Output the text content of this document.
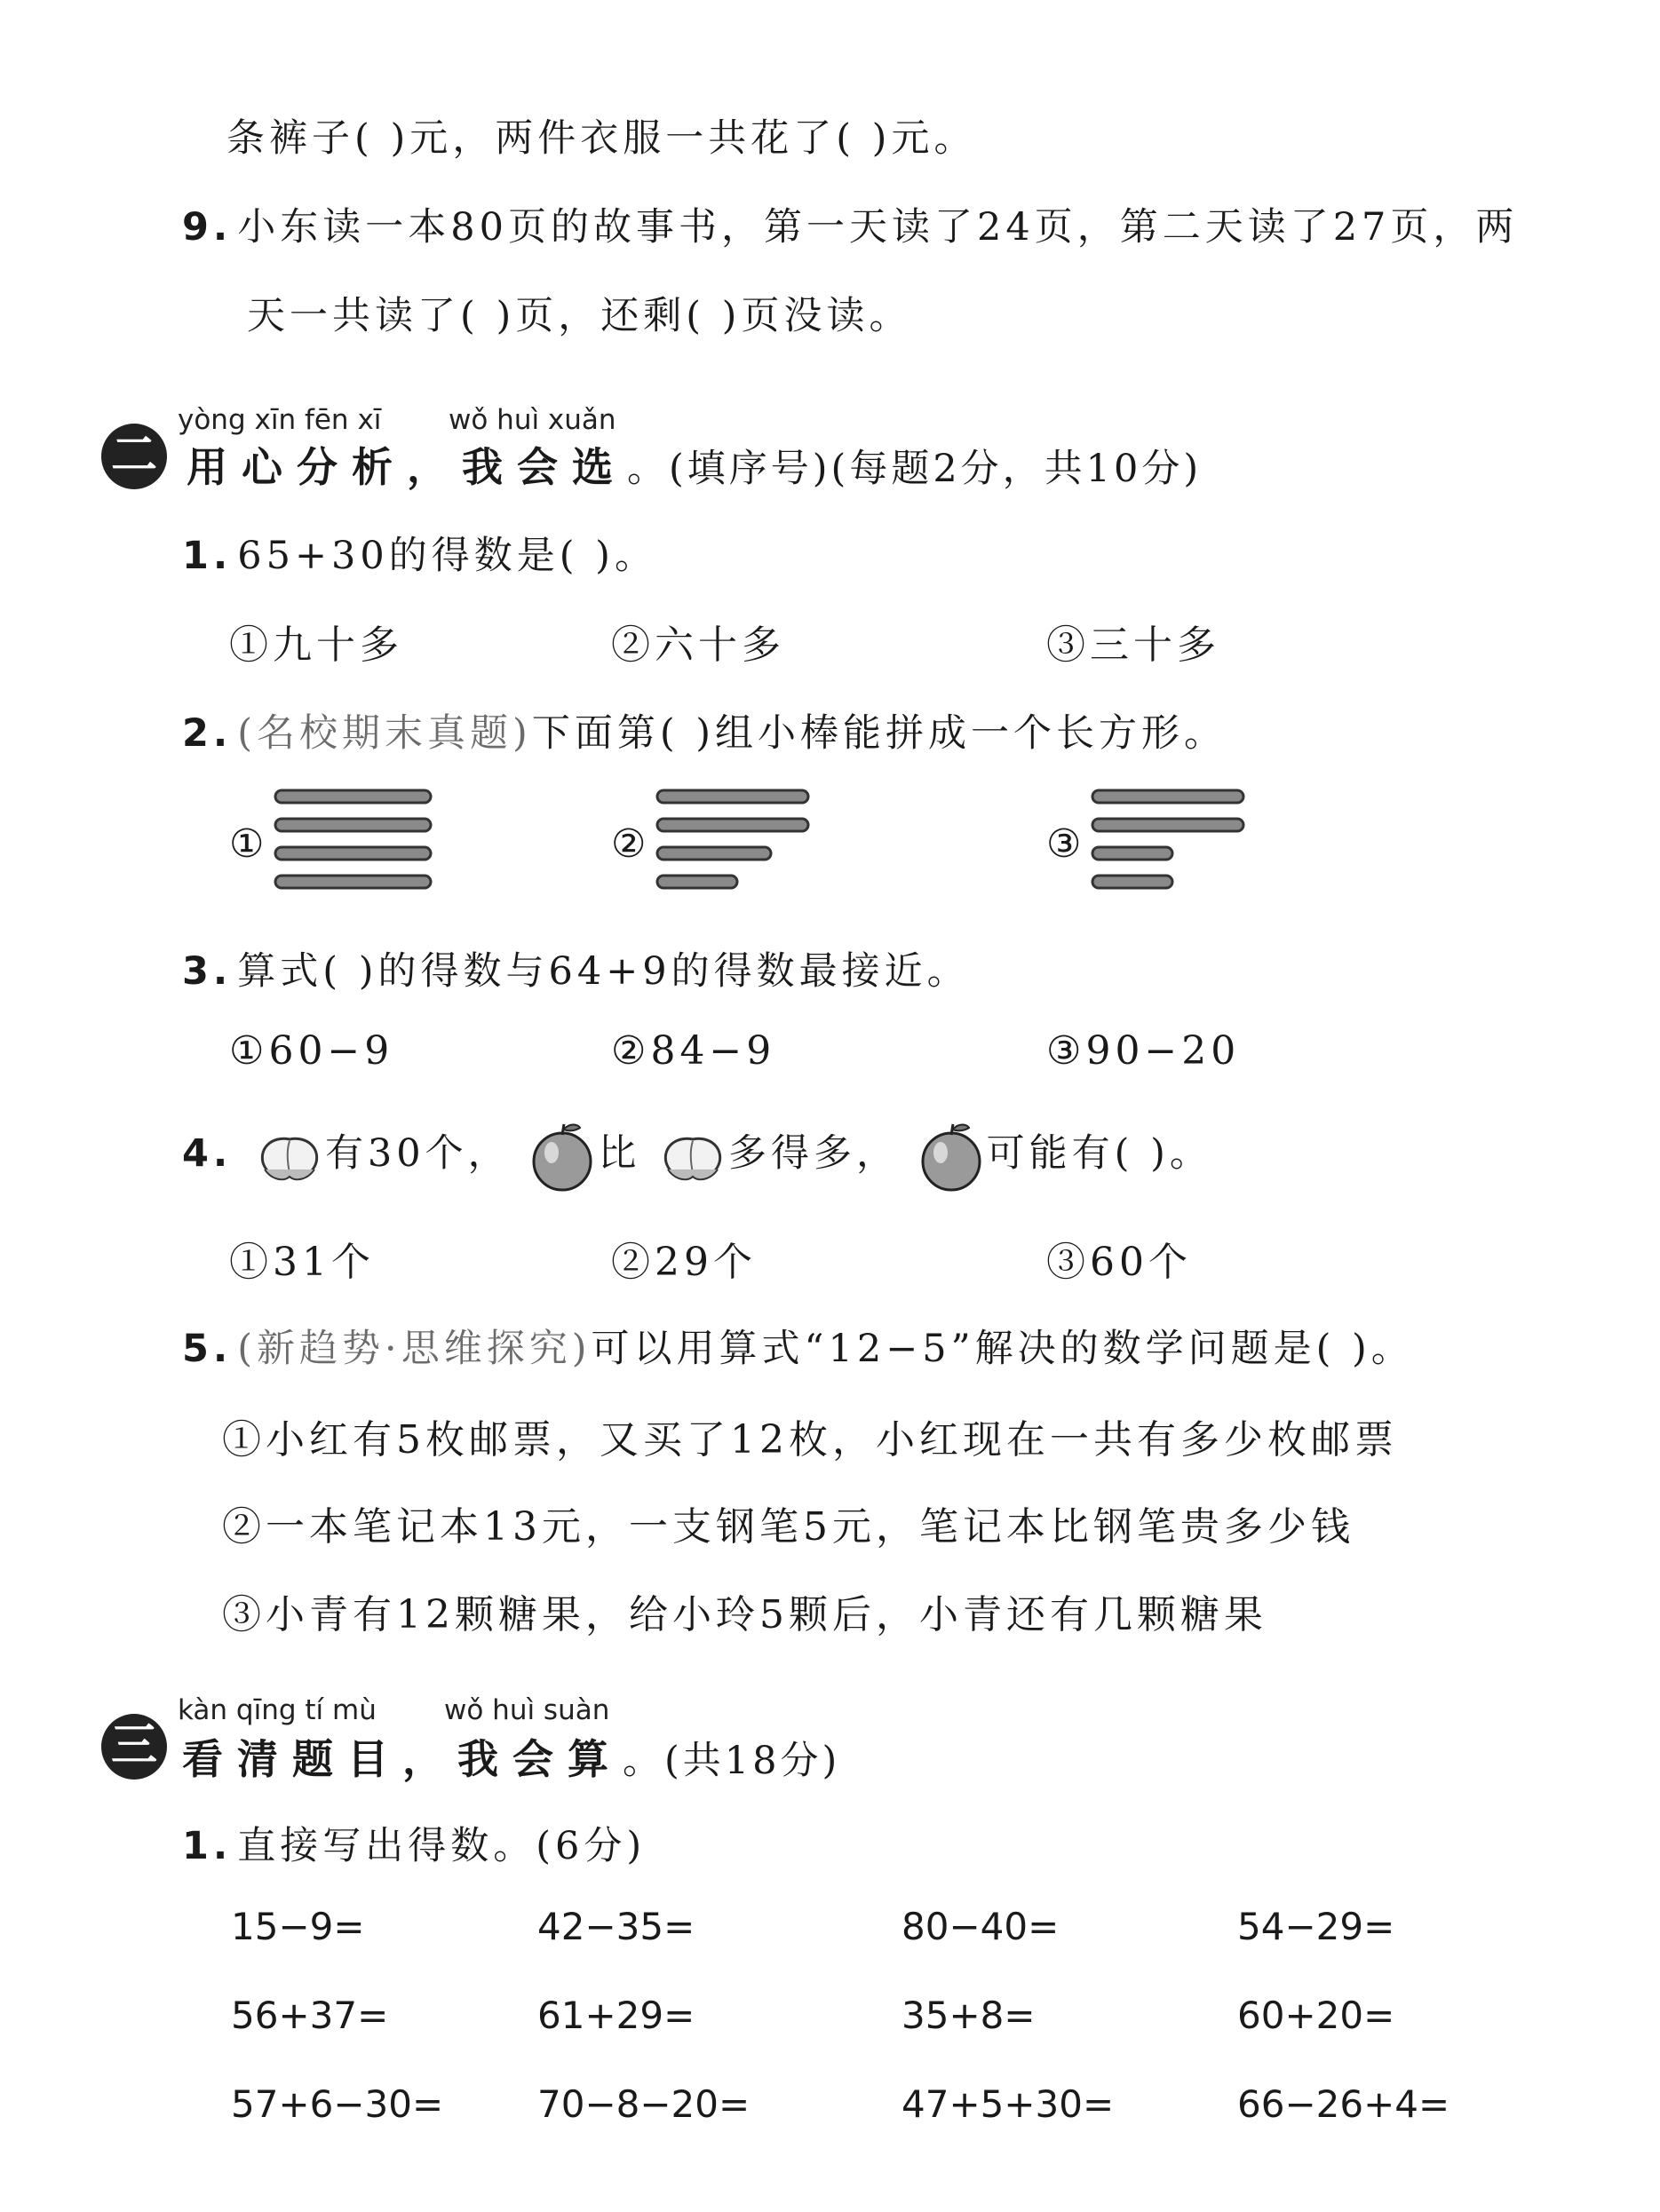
条裤子( )元，两件衣服一共花了( )元。
9. 小东读一本80页的故事书，第一天读了24页，第二天读了27页，两
天一共读了( )页，还剩( )页没读。
二
yòng xīn fēn xī wǒ huì xuǎn
用心分析，我会选。(填序号)(每题2分，共10分)
1. 65+30的得数是( )。
①九十多	②六十多	③三十多
2. (名校期末真题)下面第( )组小棒能拼成一个长方形。
①	②	③
3. 算式( )的得数与64+9的得数最接近。
①60−9	②84−9	③90−20
4. 有30个， 比 多得多， 可能有( )。
①31个	②29个	③60个
5. (新趋势·思维探究)可以用算式“12−5”解决的数学问题是( )。
①小红有5枚邮票，又买了12枚，小红现在一共有多少枚邮票
②一本笔记本13元，一支钢笔5元，笔记本比钢笔贵多少钱
③小青有12颗糖果，给小玲5颗后，小青还有几颗糖果
三
kàn qīng tí mù wǒ huì suàn
看清题目，我会算。(共18分)
1. 直接写出得数。(6分)
15−9=	42−35=	80−40=	54−29=
56+37=	61+29=	35+8=	60+20=
57+6−30=	70−8−20=	47+5+30=	66−26+4=
